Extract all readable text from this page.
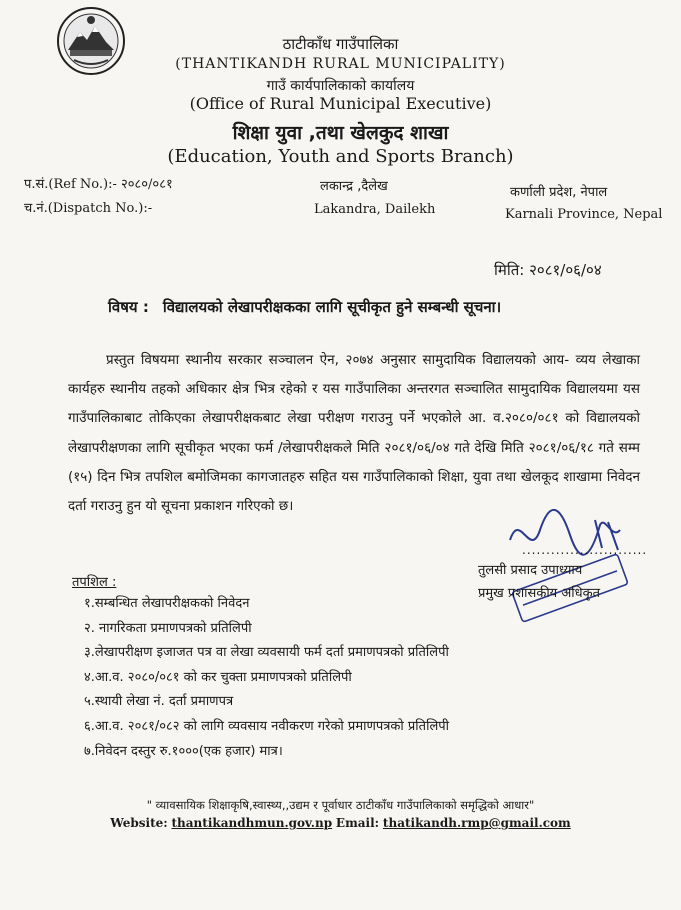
ठाटीकाँध गाउँपालिका
(THANTIKANDH RURAL MUNICIPALITY)
गाउँ कार्यपालिकाको कार्यालय
(Office of Rural Municipal Executive)
शिक्षा युवा ,तथा खेलकुद शाखा
(Education, Youth and Sports Branch)
प.सं.(Ref No.):- २०८०/०८१
च.नं.(Dispatch No.):-
लकान्द्र ,दैलेख
Lakandra, Dailekh
कर्णाली प्रदेश, नेपाल
Karnali Province, Nepal
मिति: २०८१/०६/०४
विषय : विद्यालयको लेखापरीक्षकका लागि सूचीकृत हुने सम्बन्धी सूचना।
प्रस्तुत विषयमा स्थानीय सरकार सञ्चालन ऐन, २०७४ अनुसार सामुदायिक विद्यालयको आय- व्यय लेखाका कार्यहरु स्थानीय तहको अधिकार क्षेत्र भित्र रहेको र यस गाउँपालिका अन्तरगत सञ्चालित सामुदायिक विद्यालयमा यस गाउँपालिकाबाट तोकिएका लेखापरीक्षकबाट लेखा परीक्षण गराउनु पर्ने भएकोले आ. व.२०८०/०८१ को विद्यालयको लेखापरीक्षणका लागि सूचीकृत भएका फर्म /लेखापरीक्षकले मिति २०८१/०६/०४ गते देखि मिति २०८१/०६/१८ गते सम्म (१५) दिन भित्र तपशिल बमोजिमका कागजातहरु सहित यस गाउँपालिकाको शिक्षा, युवा तथा खेलकूद शाखामा निवेदन दर्ता गराउनु हुन यो सूचना प्रकाशन गरिएको छ।
..........................
तुलसी प्रसाद उपाध्याय
प्रमुख प्रशासकीय अधिकृत
तपशिल :
१.सम्बन्धित लेखापरीक्षकको निवेदन
२. नागरिकता प्रमाणपत्रको प्रतिलिपी
३.लेखापरीक्षण इजाजत पत्र वा लेखा व्यवसायी फर्म दर्ता प्रमाणपत्रको प्रतिलिपी
४.आ.व. २०८०/०८१ को कर चुक्ता प्रमाणपत्रको प्रतिलिपी
५.स्थायी लेखा नं. दर्ता प्रमाणपत्र
६.आ.व. २०८१/०८२ को लागि व्यवसाय नवीकरण गरेको प्रमाणपत्रको प्रतिलिपी
७.निवेदन दस्तुर रु.१०००(एक हजार) मात्र।
" व्यावसायिक शिक्षाकृषि,स्वास्थ्य,,उद्यम र पूर्वाधार ठाटीकाँध गाउँपालिकाको समृद्धिको आधार"
Website: thantikandhmun.gov.np Email: thatikandh.rmp@gmail.com
